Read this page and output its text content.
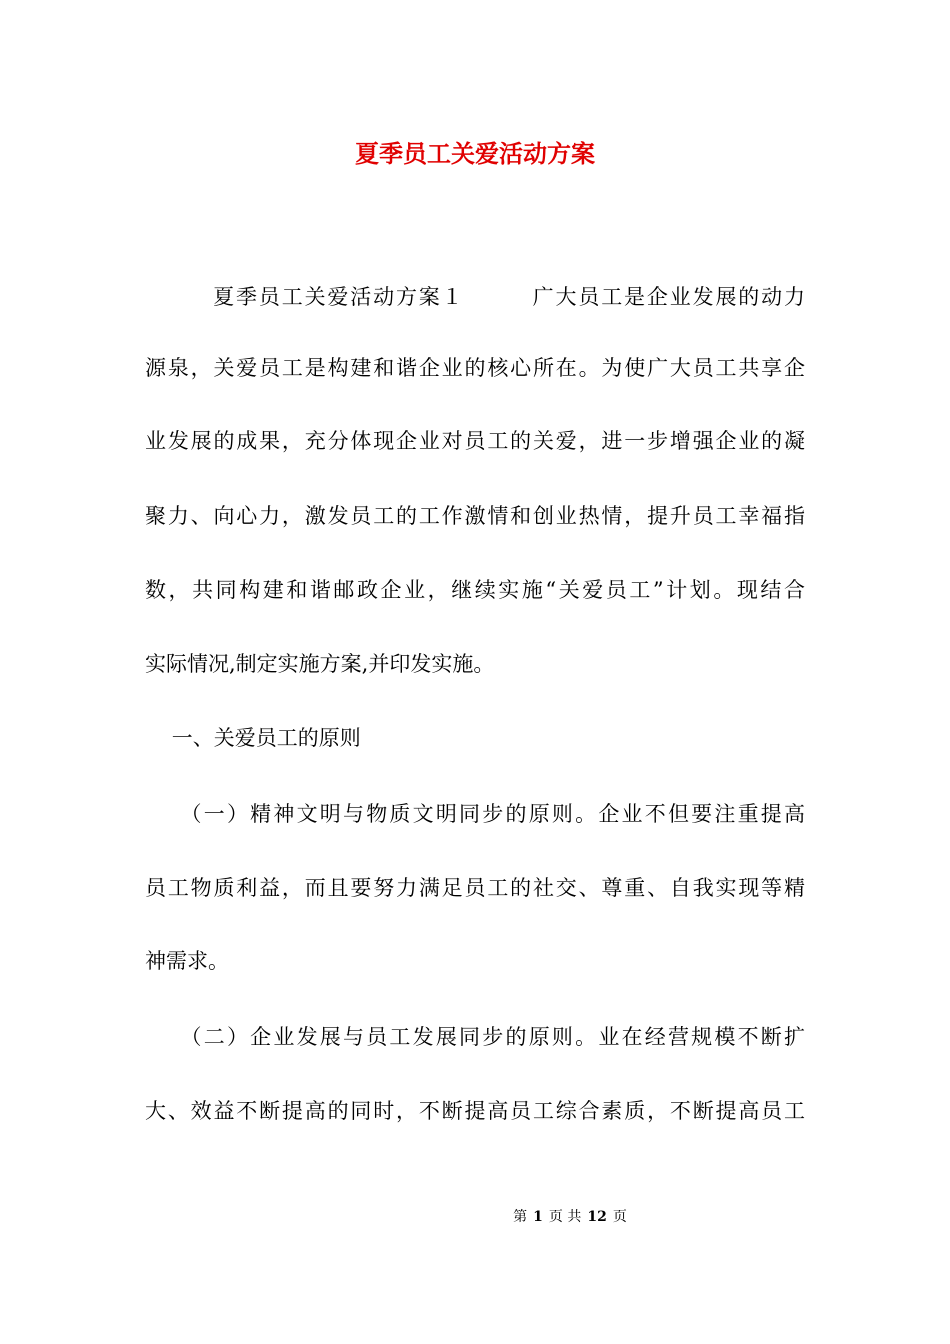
夏季员工关爱活动方案

夏季员工关爱活动方案１        广大员工是企业发展的动力

源泉，关爱员工是构建和谐企业的核心所在。为使广大员工共享企

业发展的成果，充分体现企业对员工的关爱，进一步增强企业的凝

聚力、向心力，激发员工的工作激情和创业热情，提升员工幸福指

数，共同构建和谐邮政企业，继续实施“关爱员工”计划。现结合

实际情况,制定实施方案,并印发实施。

一、关爱员工的原则

（一）精神文明与物质文明同步的原则。企业不但要注重提高

员工物质利益，而且要努力满足员工的社交、尊重、自我实现等精

神需求。

（二）企业发展与员工发展同步的原则。业在经营规模不断扩

大、效益不断提高的同时，不断提高员工综合素质，不断提高员工

第 1 页 共 12 页
